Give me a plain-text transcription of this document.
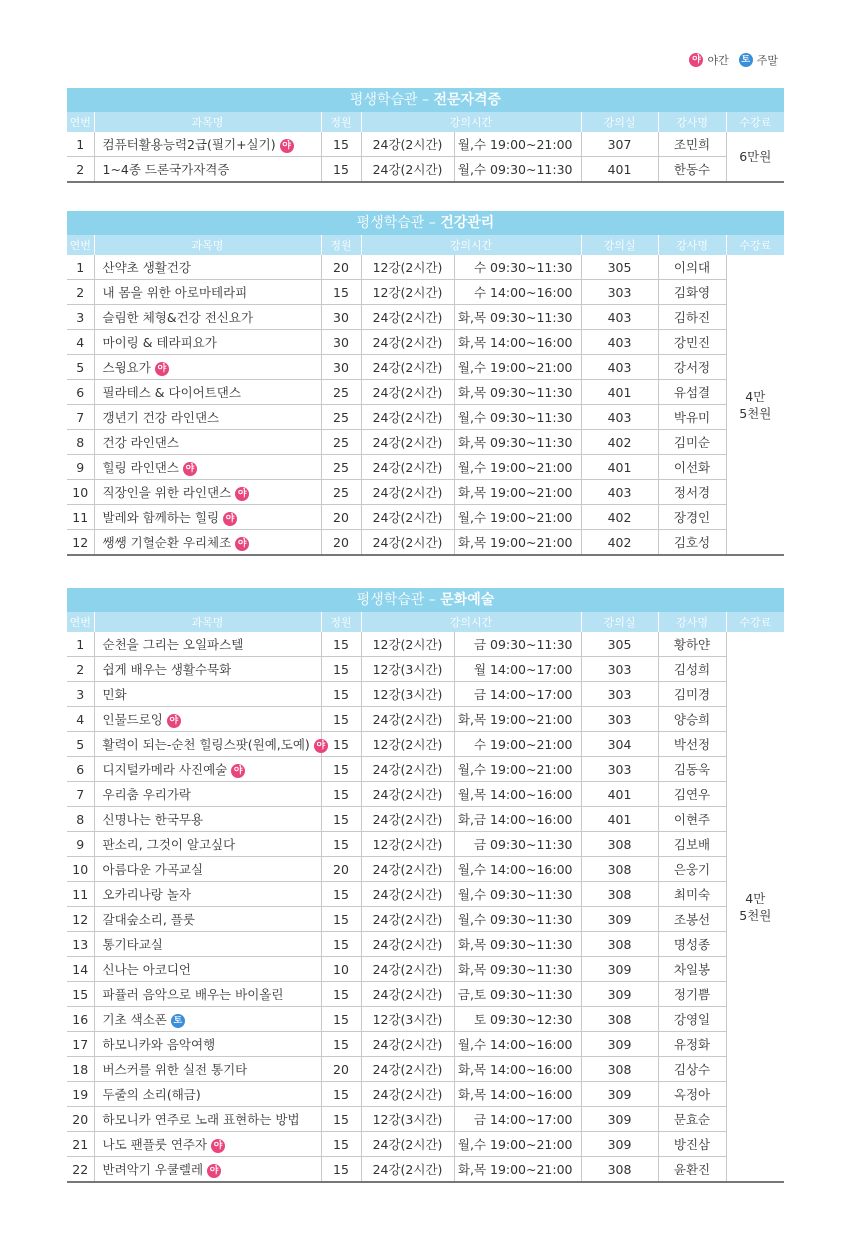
야 야간 토 주말
평생학습관 – 전문자격증
연번	과목명	정원	강의시간		강의실	강사명	수강료
1	컴퓨터활용능력2급(필기+실기) 야	15	24강(2시간)	월,수 19:00~21:00	307	조민희	6만원

2	1~4종 드론국가자격증	15	24강(2시간)	월,수 09:30~11:30	401	한동수	
평생학습관 – 건강관리
연번	과목명	정원	강의시간		강의실	강사명	수강료
1	산약초 생활건강	20	12강(2시간)	수 09:30~11:30	305	이의대	4만
5천원

2	내 몸을 위한 아로마테라피	15	12강(2시간)	수 14:00~16:00	303	김화영	
3	슬림한 체형&건강 전신요가	30	24강(2시간)	화,목 09:30~11:30	403	김하진	
4	마이링 & 테라피요가	30	24강(2시간)	화,목 14:00~16:00	403	강민진	
5	스윙요가 야	30	24강(2시간)	월,수 19:00~21:00	403	강서정	
6	필라테스 & 다이어트댄스	25	24강(2시간)	화,목 09:30~11:30	401	유섬결	
7	갱년기 건강 라인댄스	25	24강(2시간)	월,수 09:30~11:30	403	박유미	
8	건강 라인댄스	25	24강(2시간)	화,목 09:30~11:30	402	김미순	
9	힐링 라인댄스 야	25	24강(2시간)	월,수 19:00~21:00	401	이선화	
10	직장인을 위한 라인댄스 야	25	24강(2시간)	화,목 19:00~21:00	403	정서경	
11	발레와 함께하는 힐링 야	20	24강(2시간)	월,수 19:00~21:00	402	장경인	
12	쌩쌩 기혈순환 우리체조 야	20	24강(2시간)	화,목 19:00~21:00	402	김호성	
평생학습관 – 문화예술
연번	과목명	정원	강의시간		강의실	강사명	수강료
1	순천을 그리는 오일파스텔	15	12강(2시간)	금 09:30~11:30	305	황하얀	4만
5천원

2	쉽게 배우는 생활수묵화	15	12강(3시간)	월 14:00~17:00	303	김성희	
3	민화	15	12강(3시간)	금 14:00~17:00	303	김미경	
4	인물드로잉 야	15	24강(2시간)	화,목 19:00~21:00	303	양승희	
5	활력이 되는-순천 힐링스팟(원예,도예) 야	15	12강(2시간)	수 19:00~21:00	304	박선정	
6	디지털카메라 사진예술 야	15	24강(2시간)	월,수 19:00~21:00	303	김동욱	
7	우리춤 우리가락	15	24강(2시간)	월,목 14:00~16:00	401	김연우	
8	신명나는 한국무용	15	24강(2시간)	화,금 14:00~16:00	401	이현주	
9	판소리, 그것이 알고싶다	15	12강(2시간)	금 09:30~11:30	308	김보배	
10	아름다운 가곡교실	20	24강(2시간)	월,수 14:00~16:00	308	은웅기	
11	오카리나랑 놀자	15	24강(2시간)	월,수 09:30~11:30	308	최미숙	
12	갈대숲소리, 플룻	15	24강(2시간)	월,수 09:30~11:30	309	조봉선	
13	통기타교실	15	24강(2시간)	화,목 09:30~11:30	308	명성종	
14	신나는 아코디언	10	24강(2시간)	화,목 09:30~11:30	309	차일봉	
15	파퓰러 음악으로 배우는 바이올린	15	24강(2시간)	금,토 09:30~11:30	309	정기쁨	
16	기초 색소폰 토	15	12강(3시간)	토 09:30~12:30	308	강영일	
17	하모니카와 음악여행	15	24강(2시간)	월,수 14:00~16:00	309	유정화	
18	버스커를 위한 실전 통기타	20	24강(2시간)	화,목 14:00~16:00	308	김상수	
19	두줄의 소리(해금)	15	24강(2시간)	화,목 14:00~16:00	309	옥정아	
20	하모니카 연주로 노래 표현하는 방법	15	12강(3시간)	금 14:00~17:00	309	문효순	
21	나도 팬플룻 연주자 야	15	24강(2시간)	월,수 19:00~21:00	309	방진삼	
22	반려악기 우쿨렐레 야	15	24강(2시간)	화,목 19:00~21:00	308	윤환진	
